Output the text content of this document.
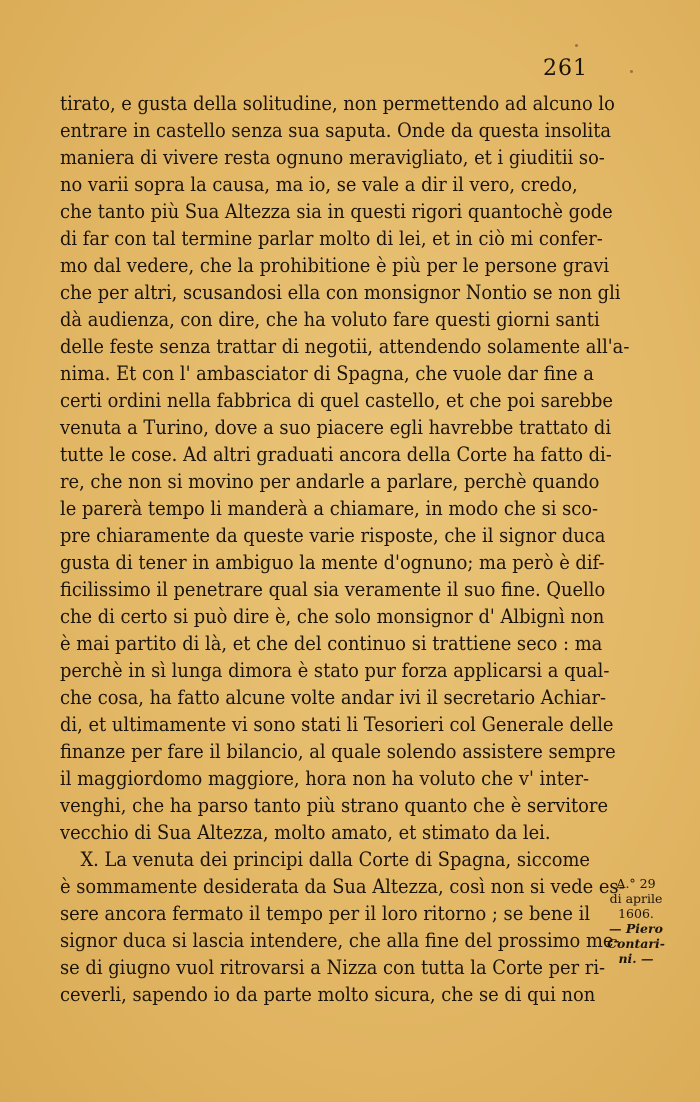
261
tirato, e gusta della solitudine, non permettendo ad alcuno lo
entrare in castello senza sua saputa. Onde da questa insolita
maniera di vivere resta ognuno meravigliato, et i giuditii so-
no varii sopra la causa, ma io, se vale a dir il vero, credo,
che tanto più Sua Altezza sia in questi rigori quantochè gode
di far con tal termine parlar molto di lei, et in ciò mi confer-
mo dal vedere, che la prohibitione è più per le persone gravi
che per altri, scusandosi ella con monsignor Nontio se non gli
dà audienza, con dire, che ha voluto fare questi giorni santi
delle feste senza trattar di negotii, attendendo solamente all'a-
nima. Et con l' ambasciator di Spagna, che vuole dar fine a
certi ordini nella fabbrica di quel castello, et che poi sarebbe
venuta a Turino, dove a suo piacere egli havrebbe trattato di
tutte le cose. Ad altri graduati ancora della Corte ha fatto di-
re, che non si movino per andarle a parlare, perchè quando
le parerà tempo li manderà a chiamare, in modo che si sco-
pre chiaramente da queste varie risposte, che il signor duca
gusta di tener in ambiguo la mente d'ognuno; ma però è dif-
ficilissimo il penetrare qual sia veramente il suo fine. Quello
che di certo si può dire è, che solo monsignor d' Albignì non
è mai partito di là, et che del continuo si trattiene seco : ma
perchè in sì lunga dimora è stato pur forza applicarsi a qual-
che cosa, ha fatto alcune volte andar ivi il secretario Achiar-
di, et ultimamente vi sono stati li Tesorieri col Generale delle
finanze per fare il bilancio, al quale solendo assistere sempre
il maggiordomo maggiore, hora non ha voluto che v' inter-
venghi, che ha parso tanto più strano quanto che è servitore
vecchio di Sua Altezza, molto amato, et stimato da lei.
X. La venuta dei principi dalla Corte di Spagna, siccome
è sommamente desiderata da Sua Altezza, così non si vede es-
sere ancora fermato il tempo per il loro ritorno ; se bene il
signor duca si lascia intendere, che alla fine del prossimo me-
se di giugno vuol ritrovarsi a Nizza con tutta la Corte per ri-
ceverli, sapendo io da parte molto sicura, che se di qui non
A.° 29
di aprile
1606.
— Piero
Contari-
ni. —
